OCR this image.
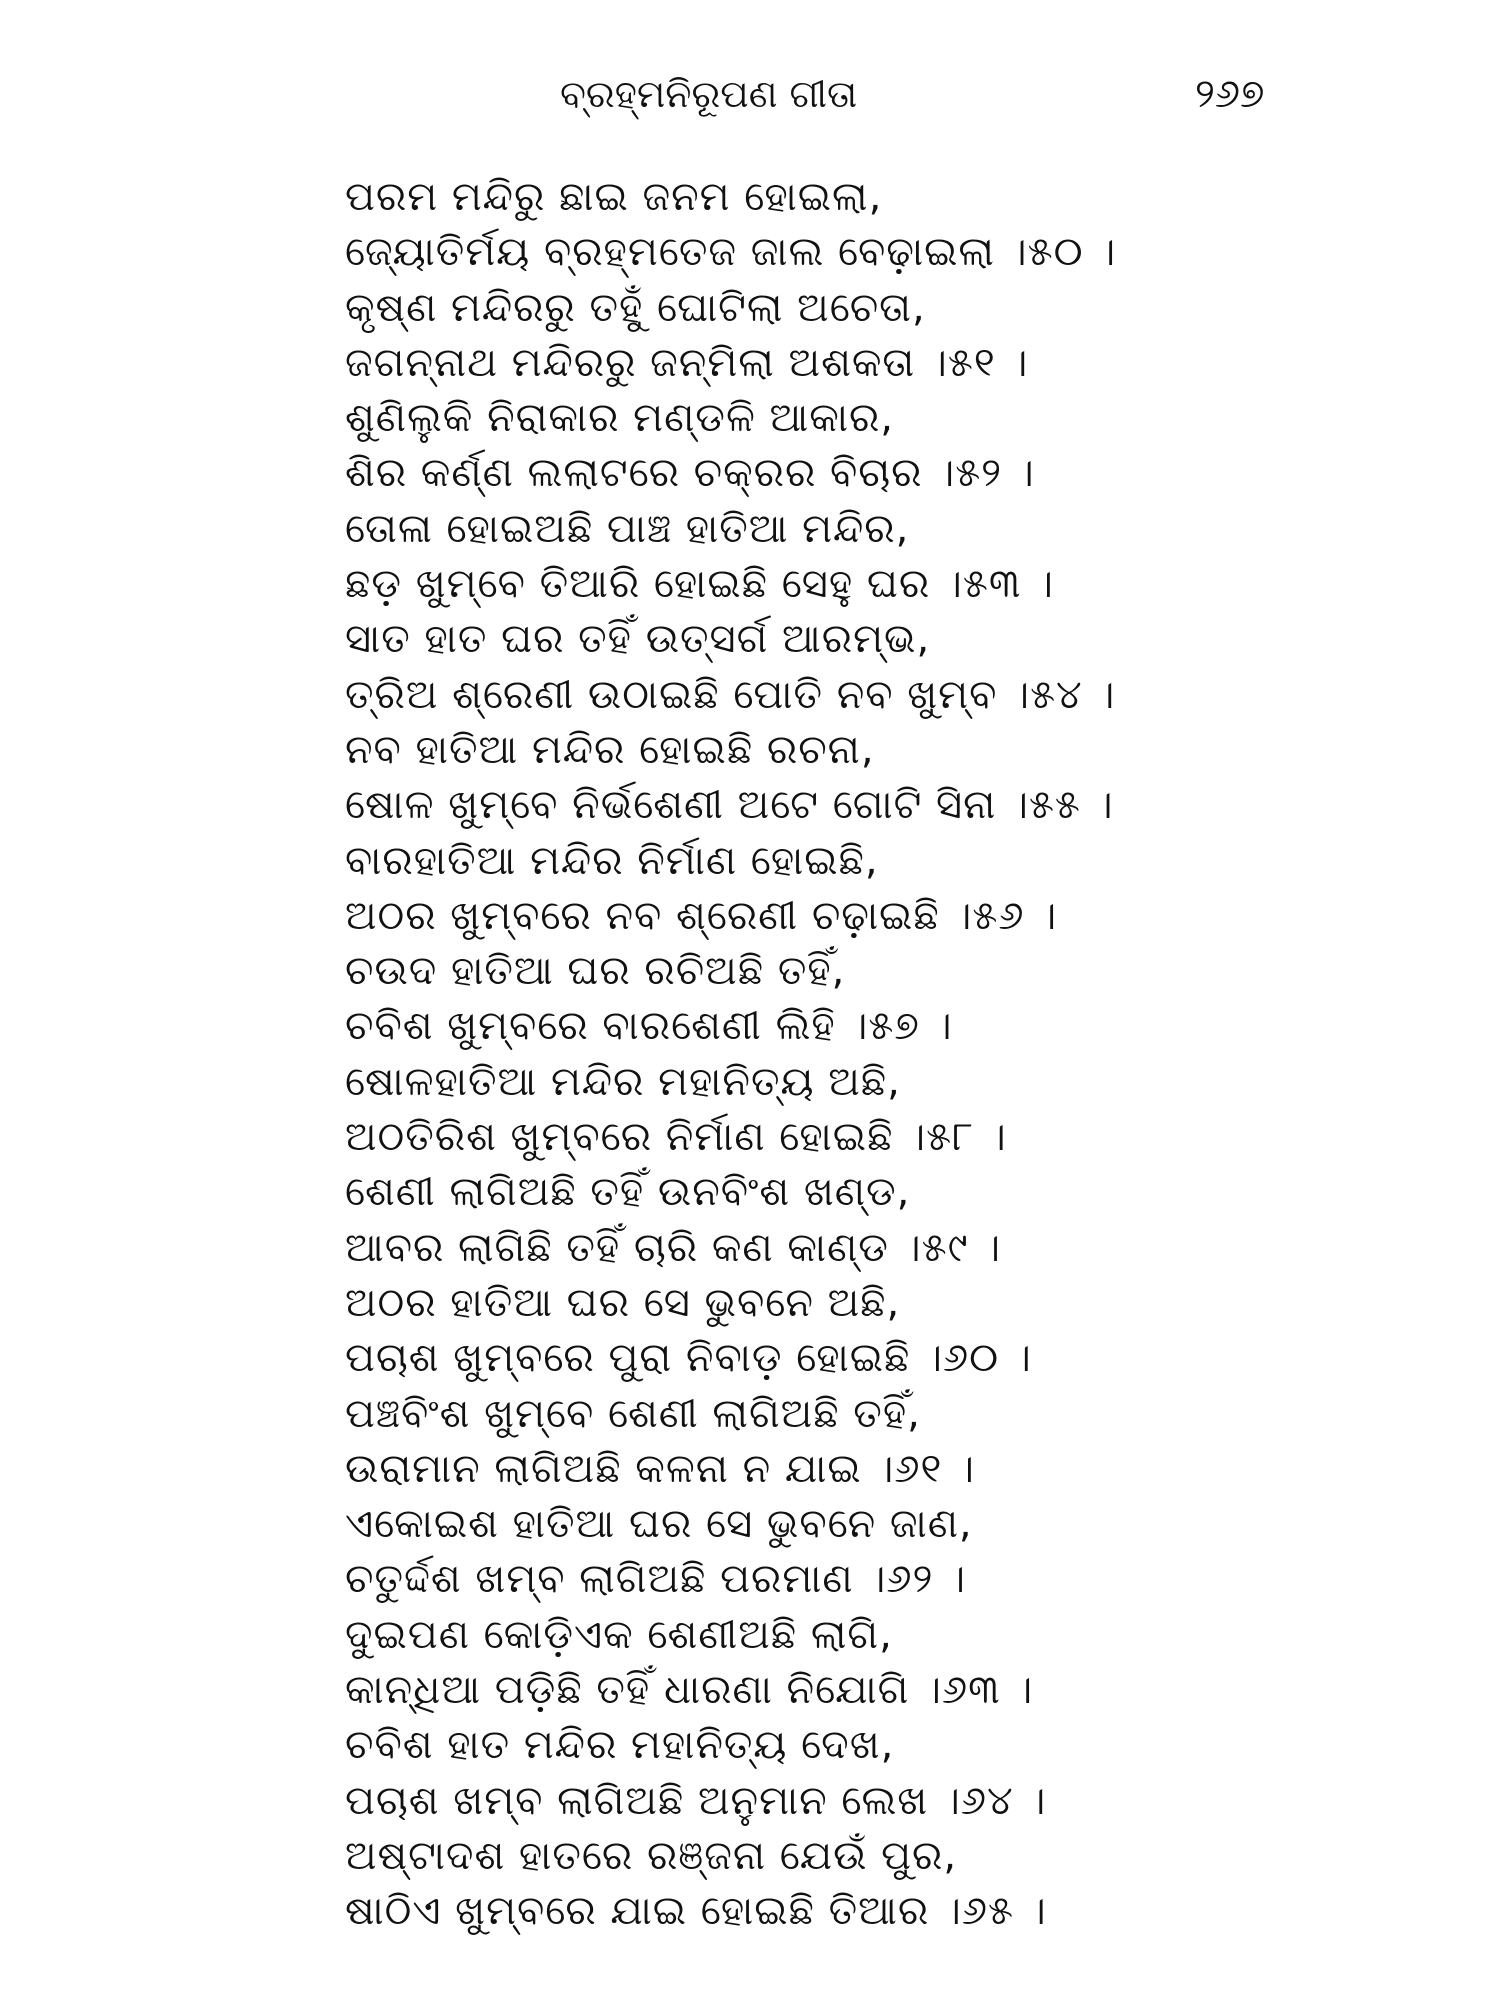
ବ୍ରହ୍ମନିରୂପଣ ଗୀତା	୨୬୭
ପରମ ମନ୍ଦିରୁ ଛାଇ ଜନମ ହୋଇଲା,
ଜ୍ୟୋତିର୍ମୟ ବ୍ରହ୍ମତେଜ ଜାଲ ବେଢ଼ାଇଲା ।୫୦ ।
କୃଷ୍ଣ ମନ୍ଦିରରୁ ତହୁଁ ଘୋଟିଲା ଅଚେତା,
ଜଗନ୍ନାଥ ମନ୍ଦିରରୁ ଜନ୍ମିଲା ଅଶକତା ।୫୧ ।
ଶୁଣିଲୁକି ନିରାକାର ମଣ୍ଡଳି ଆକାର,
ଶିର କର୍ଣ୍ଣ ଲଲାଟରେ ଚକ୍ରର ବିଚାର ।୫୨ ।
ତୋଳା ହୋଇଅଛି ପାଞ୍ଚ ହାତିଆ ମନ୍ଦିର,
ଛଡ଼ ଖୁମ୍ବେ ତିଆରି ହୋଇଛି ସେହୁ ଘର ।୫୩ ।
ସାତ ହାତ ଘର ତହିଁ ଉତ୍ସର୍ଗ ଆରମ୍ଭ,
ତ୍ରିଅ ଶ୍ରେଣୀ ଉଠାଇଛି ପୋତି ନବ ଖୁମ୍ବ ।୫୪ ।
ନବ ହାତିଆ ମନ୍ଦିର ହୋଇଛି ରଚନା,
ଷୋଳ ଖୁମ୍ବେ ନିର୍ଭଶେଣୀ ଅଟେ ଗୋଟି ସିନା ।୫୫ ।
ବାରହାତିଆ ମନ୍ଦିର ନିର୍ମାଣ ହୋଇଛି,
ଅଠର ଖୁମ୍ବରେ ନବ ଶ୍ରେଣୀ ଚଢ଼ାଇଛି ।୫୬ ।
ଚଉଦ ହାତିଆ ଘର ରଚିଅଛି ତହିଁ,
ଚବିଶ ଖୁମ୍ବରେ ବାରଶେଣୀ ଲିହି ।୫୭ ।
ଷୋଳହାତିଆ ମନ୍ଦିର ମହାନିତ୍ୟ ଅଛି,
ଅଠତିରିଶ ଖୁମ୍ବରେ ନିର୍ମାଣ ହୋଇଛି ।୫୮ ।
ଶେଣୀ ଲାଗିଅଛି ତହିଁ ଉନବିଂଶ ଖଣ୍ଡ,
ଆବର ଲାଗିଛି ତହିଁ ଚାରି କଣ କାଣ୍ଡ ।୫୯ ।
ଅଠର ହାତିଆ ଘର ସେ ଭୁବନେ ଅଛି,
ପଚାଶ ଖୁମ୍ବରେ ପୁରା ନିବାଡ଼ ହୋଇଛି ।୬୦ ।
ପଞ୍ଚବିଂଶ ଖୁମ୍ବେ ଶେଣୀ ଲାଗିଅଛି ତହିଁ,
ଉରାମାନ ଲାଗିଅଛି କଳନା ନ ଯାଇ ।୬୧ ।
ଏକୋଇଶ ହାତିଆ ଘର ସେ ଭୁବନେ ଜାଣ,
ଚତୁର୍ଦ୍ଦଶ ଖମ୍ବ ଲାଗିଅଛି ପରମାଣ ।୬୨ ।
ଦୁଇପଣ କୋଡ଼ିଏକ ଶେଣୀଅଛି ଲାଗି,
କାନ୍ଧିଆ ପଡ଼ିଛି ତହିଁ ଧାରଣା ନିଯୋଗି ।୬୩ ।
ଚବିଶ ହାତ ମନ୍ଦିର ମହାନିତ୍ୟ ଦେଖ,
ପଚାଶ ଖମ୍ବ ଲାଗିଅଛି ଅନୁମାନ ଲେଖ ।୬୪ ।
ଅଷ୍ଟାଦଶ ହାତରେ ରଞ୍ଜନା ଯେଉଁ ପୁର,
ଷାଠିଏ ଖୁମ୍ବରେ ଯାଇ ହୋଇଛି ତିଆର ।୬୫ ।
